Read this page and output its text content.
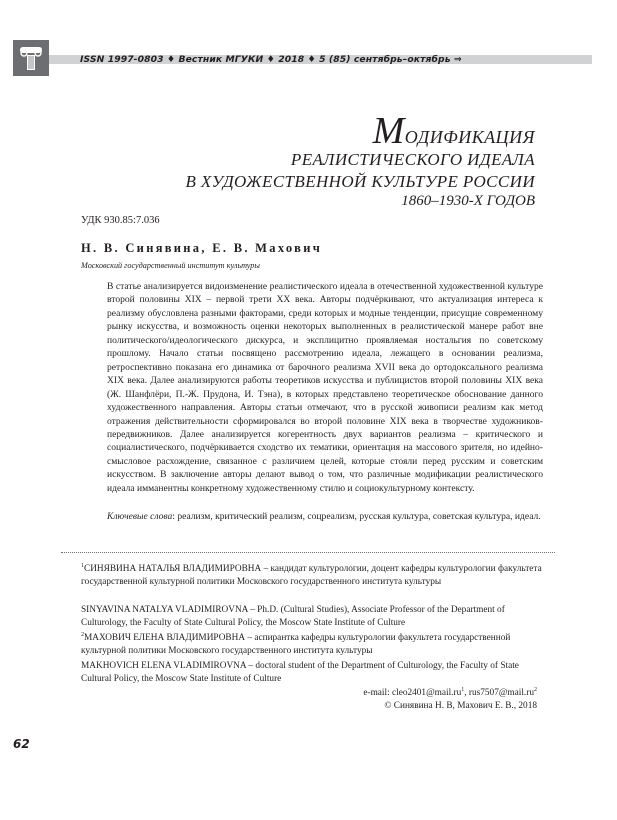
ISSN 1997-0803 ♦ Вестник МГУКИ ♦ 2018 ♦ 5 (85) сентябрь–октябрь ⇒
МОДИФИКАЦИЯ
РЕАЛИСТИЧЕСКОГО ИДЕАЛА
В ХУДОЖЕСТВЕННОЙ КУЛЬТУРЕ РОССИИ
1860–1930-Х ГОДОВ
УДК 930.85:7.036
Н. В. Синявина, Е. В. Махович
Московский государственный институт культуры

В статье анализируется видоизменение реалистического идеала в отечественной художественной культуре второй половины XIX – первой трети XX века. Авторы подчёркивают, что актуализация интереса к реализму обусловлена разными факторами, среди которых и модные тенденции, присущие современному рынку искусства, и возможность оценки некоторых выполненных в реалистической манере работ вне политического/идеологического дискурса, и эксплицитно проявляемая ностальгия по советскому прошлому. Начало статьи посвящено рассмотрению идеала, лежащего в основании реализма, ретроспективно показана его динамика от барочного реализма XVII века до ортодоксального реализма XIX века. Далее анализируются работы теоретиков искусства и публицистов второй половины XIX века (Ж. Шанфлёри, П.-Ж. Прудона, И. Тэна), в которых представлено теоретическое обоснование данного художественного направления. Авторы статьи отмечают, что в русской живописи реализм как метод отражения действительности сформировался во второй половине XIX века в творчестве художников-передвижников. Далее анализируется когерентность двух вариантов реализма – критического и социалистического, подчёркивается сходство их тематики, ориентация на массового зрителя, но идейно-смысловое расхождение, связанное с различием целей, которые стояли перед русским и советским искусством. В заключение авторы делают вывод о том, что различные модификации реалистического идеала имманентны конкретному художественному стилю и социокультурному контексту.

Ключевые слова: реализм, критический реализм, соцреализм, русская культура, советская культура, идеал.

$^1$СИНЯВИНА НАТАЛЬЯ ВЛАДИМИРОВНА – кандидат культурологии, доцент кафедры культурологии факультета государственной культурной политики Московского государственного института культуры

SINYAVINA NATALYA VLADIMIROVNA – Ph.D. (Cultural Studies), Associate Professor of the Department of Culturology, the Faculty of State Cultural Policy, the Moscow State Institute of Culture

$^2$МАХОВИЧ ЕЛЕНА ВЛАДИМИРОВНА – аспирантка кафедры культурологии факультета государственной культурной политики Московского государственного института культуры

MAKHOVICH ELENA VLADIMIROVNA – doctoral student of the Department of Culturology, the Faculty of State Cultural Policy, the Moscow State Institute of Culture

e-mail: $cleo2401@mail.ru^1$, $rus7507@mail.ru^2$
© Синявина Н. В, Махович Е. В., 2018
62
